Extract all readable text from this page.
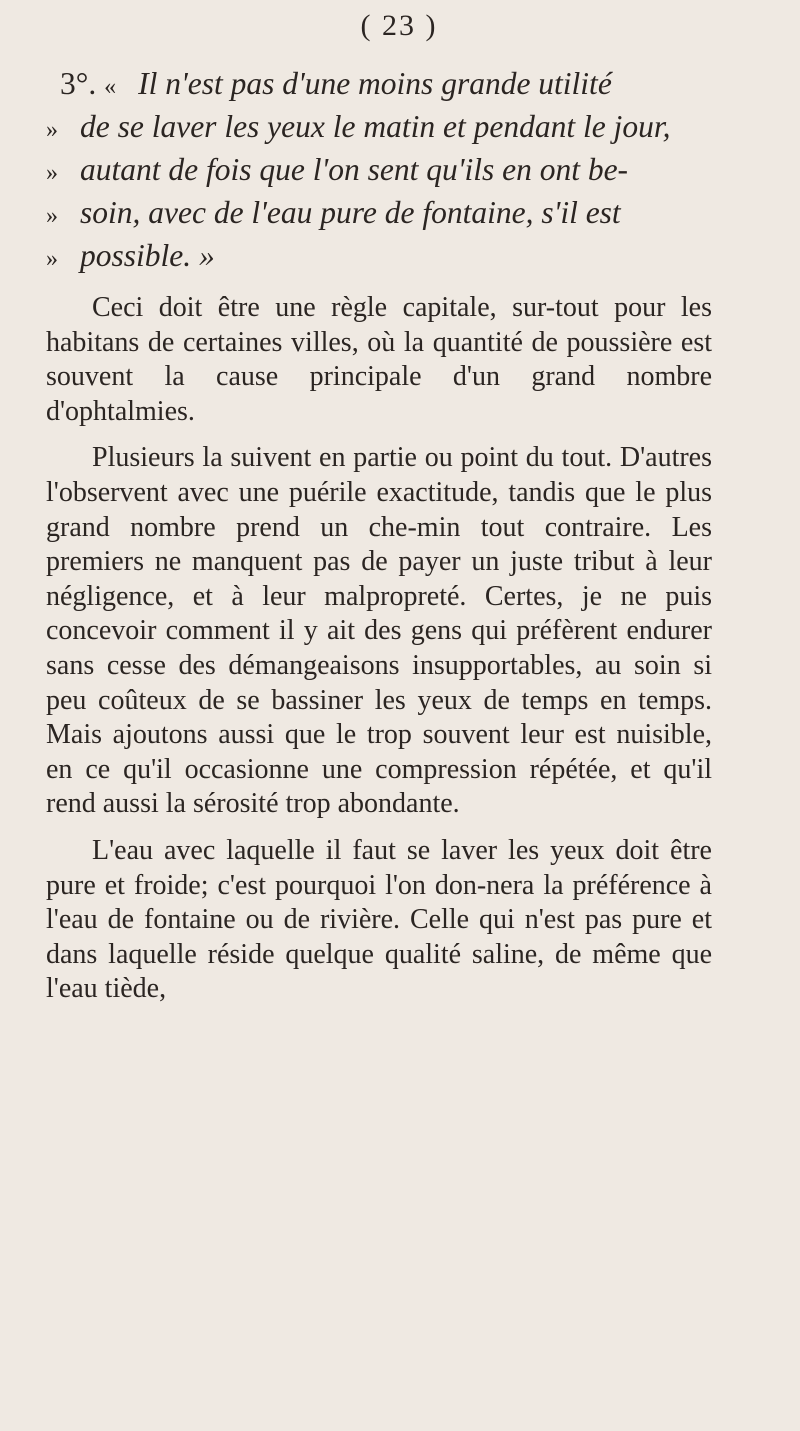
( 23 )
3°. « Il n'est pas d'une moins grande utilité
» de se laver les yeux le matin et pendant le jour,
» autant de fois que l'on sent qu'ils en ont be-
» soin, avec de l'eau pure de fontaine, s'il est
» possible. »

Ceci doit être une règle capitale, sur-tout pour les habitans de certaines villes, où la quantité de poussière est souvent la cause principale d'un grand nombre d'ophtalmies.

Plusieurs la suivent en partie ou point du tout. D'autres l'observent avec une puérile exactitude, tandis que le plus grand nombre prend un che-min tout contraire. Les premiers ne manquent pas de payer un juste tribut à leur négligence, et à leur malpropreté. Certes, je ne puis concevoir comment il y ait des gens qui préfèrent endurer sans cesse des démangeaisons insupportables, au soin si peu coûteux de se bassiner les yeux de temps en temps. Mais ajoutons aussi que le trop souvent leur est nuisible, en ce qu'il occasionne une compression répétée, et qu'il rend aussi la sérosité trop abondante.

L'eau avec laquelle il faut se laver les yeux doit être pure et froide; c'est pourquoi l'on don-nera la préférence à l'eau de fontaine ou de rivière. Celle qui n'est pas pure et dans laquelle réside quelque qualité saline, de même que l'eau tiède,
